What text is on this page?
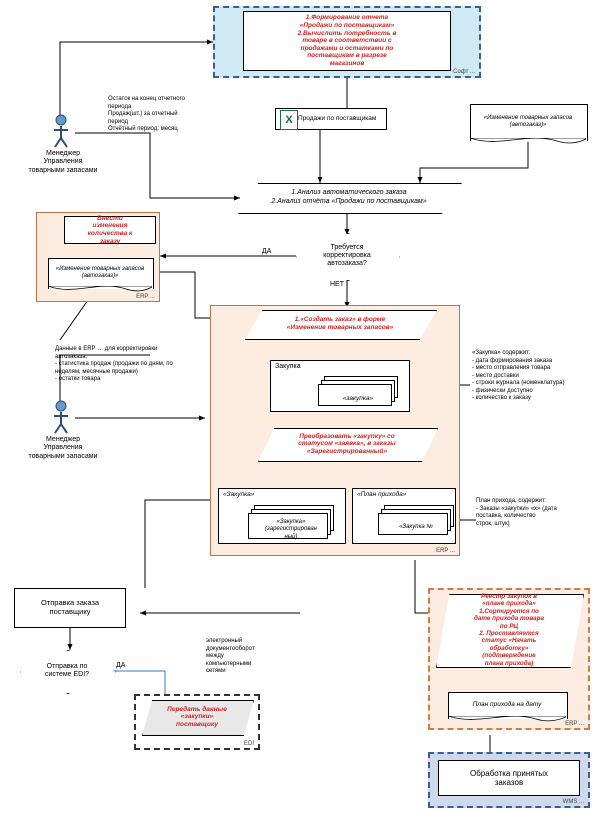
Софт ...
1.Формирование отчета
«Продажи по поставщикам»
2.Вычислить потребность в
товаре в соответствии с
продажами и остатками по
поставщикам в разрезе
магазинов
Менеджер
Управления
товарными запасами
Остаток на конец отчетного
периода
Продаж(шт.) за отчетный
период
Отчётный период: месяц
Продажи по поставщикам X	«Изменение товарных запасов (автозаказ)»
1.Анализ автоматического заказа
2.Анализ отчёта «Продажи по поставщикам»
Требуется
корректировка
автозаказа?
ДА
НЕТ
ERP ...
Внести
изменения
количества к
заказу
«Изменение товарных запасов (автозаказ)»
Данные в ERP … для корректировки
автозаказа:
- статистика продаж (продажи по дням, по
неделям, месячные продажи)
- остатки товара
Менеджер
Управления
товарными запасами
ERP ...
1.«Создать заказ» в форме
«Изменение товарных запасов»
Закупка
«закупка»
«Закупка» содержит:
- дата формирования заказа
- место отправления товара
- место доставки
- строки журнала (номенклатура)
- физически доступно
- количество к заказу
Преобразовать «закупку» со
статусом «заявка», в заказы
«Зарегистрированный»
«Закупка»
«Закупка»
(зарегистрирован
ный)
«План прихода»
«Закупка №
План прихода, содержит:
- Заказы «закупки» «х» (дата
поставка, количество
строк, штук)
Отправка заказа
поставщику
Отправка по
системе EDI?
ДА
электронный
документооборот
между
компьютерными
сетями
EDI
Передать данные
«закупки»
поставщику	ERP ...
Реестр закупок в
«плане прихода»
1.Сортируется по
дате прихода товара
по РЦ
2. Проставляется
статус «Начать
обработку»
(подтверждение
плана прихода)
План прихода на дату
WMS ...
Обработка принятых
заказов
